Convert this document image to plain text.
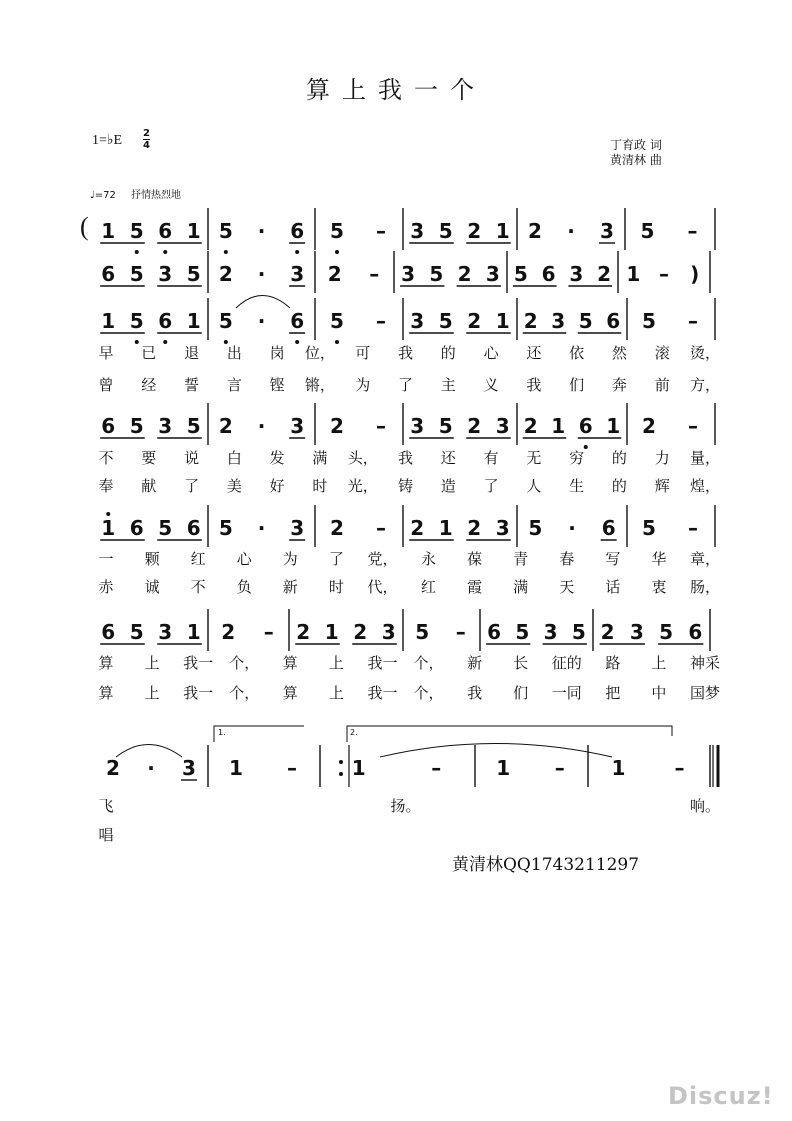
算上我一个
1=♭E 2
4	丁育政 词
黄清林 曲
♩=72 抒情热烈地
( 1 5 6 1 5 · 6 5 – 3 5 2 1 2 · 3 5 –
6 5 3 5 2 · 3 2 – 3 5 2 3 5 6 3 2 1 – )
1 5 6 1 5 · 6 5 – 3 5 2 1 2 3 5 6 5 –
早 已 退 出 岗 位， 可 我 的 心 还 依 然 滚 烫，
曾 经 誓 言 铿 锵， 为 了 主 义 我 们 奔 前 方，
6 5 3 5 2 · 3 2 – 3 5 2 3 2 1 6 1 2 –
不 要 说 白 发 满 头， 我 还 有 无 穷 的 力 量，
奉 献 了 美 好 时 光， 铸 造 了 人 生 的 辉 煌，
1 6 5 6 5 · 3 2 – 2 1 2 3 5 · 6 5 –
一 颗 红 心 为 了 党， 永 葆 青 春 写 华 章，
赤 诚 不 负 新 时 代， 红 霞 满 天 话 衷 肠，
6 5 3 1 2 – 2 1 2 3 5 – 6 5 3 5 2 3 5 6
算 上 我一 个， 算 上 我一 个， 新 长 征的 路 上 神采
算 上 我一 个， 算 上 我一 个， 我 们 一同 把 中 国梦
2 · 3 1 –	1	–	1 – 1 –
飞	扬。	响。
唱
1.	2.
黄清林QQ1743211297
Discuz!
